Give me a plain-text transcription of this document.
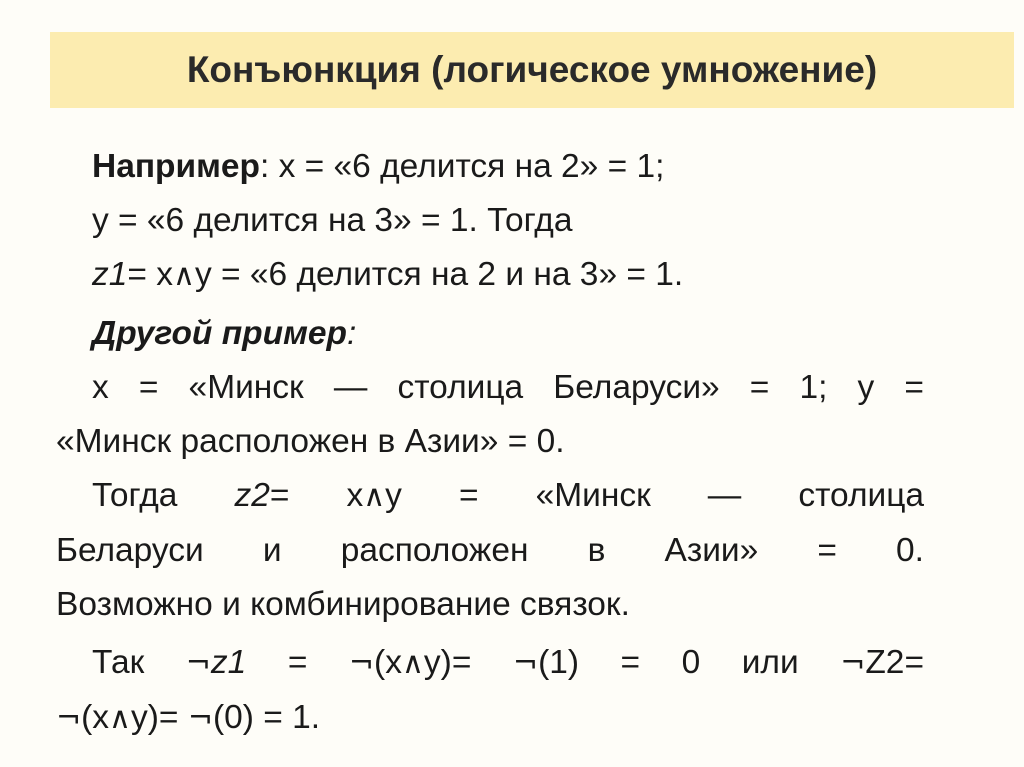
Конъюнкция (логическое умножение)
Например: x = «6 делится на 2» = 1;
y = «6 делится на 3» = 1. Тогда
z1= x∧y = «6 делится на 2 и на 3» = 1.
Другой пример:
x = «Минск — столица Беларуси» = 1; y =
«Минск расположен в Азии» = 0.
Тогда z2= x∧y = «Минск — столица
Беларуси и расположен в Азии» = 0.
Возможно и комбинирование связок.
Так ¬z1 = ¬(x∧y)= ¬(1) = 0 или ¬Z2=
¬(x∧y)= ¬(0) = 1.
